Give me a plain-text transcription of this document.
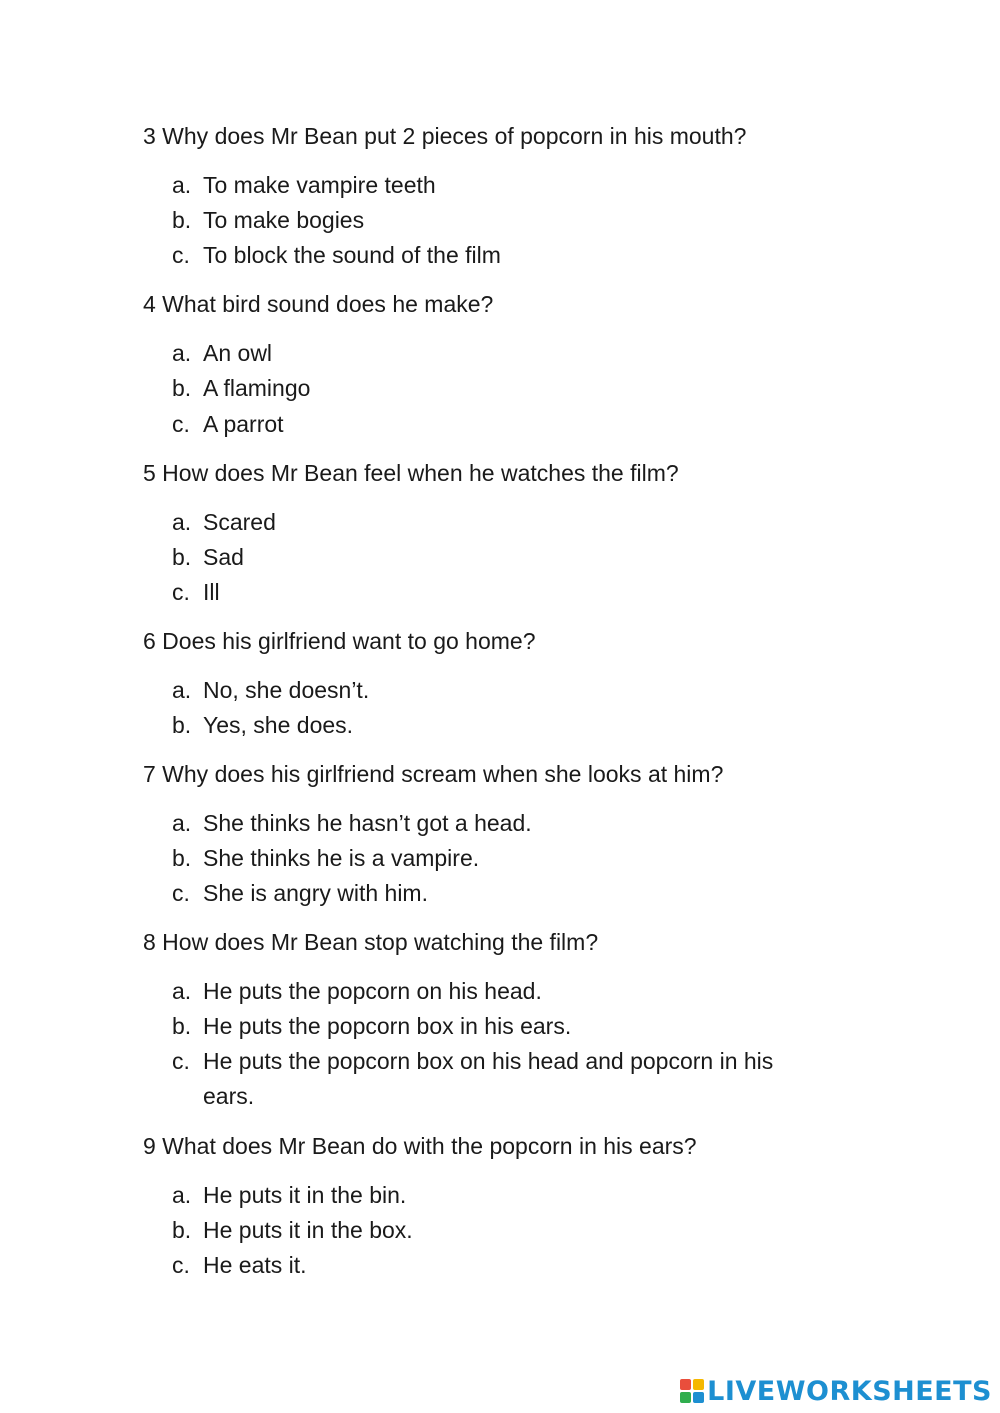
3 Why does Mr Bean put 2 pieces of popcorn in his mouth?
a. To make vampire teeth
b. To make bogies
c. To block the sound of the film
4 What bird sound does he make?
a. An owl
b. A flamingo
c. A parrot
5 How does Mr Bean feel when he watches the film?
a. Scared
b. Sad
c. Ill
6 Does his girlfriend want to go home?
a. No, she doesn’t.
b. Yes, she does.
7 Why does his girlfriend scream when she looks at him?
a. She thinks he hasn’t got a head.
b. She thinks he is a vampire.
c. She is angry with him.
8 How does Mr Bean stop watching the film?
a. He puts the popcorn on his head.
b. He puts the popcorn box in his ears.
c. He puts the popcorn box on his head and popcorn in his ears.
9 What does Mr Bean do with the popcorn in his ears?
a. He puts it in the bin.
b. He puts it in the box.
c. He eats it.
LIVEWORKSHEETS
